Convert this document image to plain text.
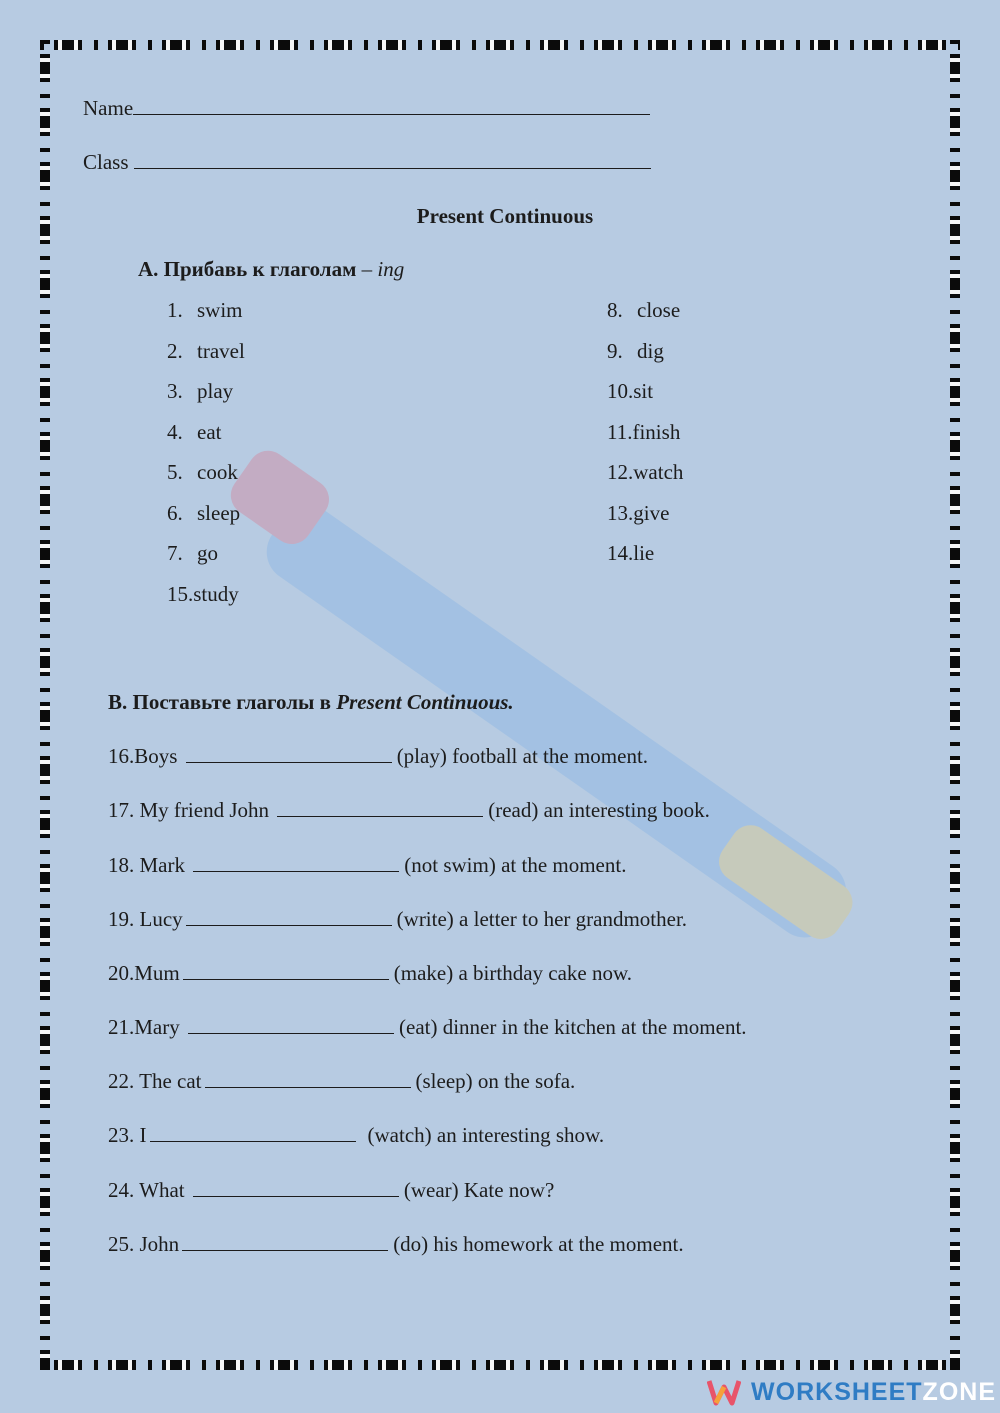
Name
Class
Present Continuous
A. Прибавь к глаголам – ing
1. swim
2. travel
3. play
4. eat
5. cook
6. sleep
7. go
15. study
8. close
9. dig
10. sit
11. finish
12. watch
13. give
14. lie
B. Поставьте глаголы в Present Continuous.
16.Boys	(play) football at the moment.
17. My friend John	(read) an interesting book.
18. Mark	(not swim) at the moment.
19. Lucy	(write) a letter to her grandmother.
20.Mum	(make) a birthday cake now.
21.Mary	(eat) dinner in the kitchen at the moment.
22. The cat	(sleep) on the sofa.
23. I	(watch) an interesting show.
24. What	(wear) Kate now?
25. John	(do) his homework at the moment.
WORKSHEET ZONE
